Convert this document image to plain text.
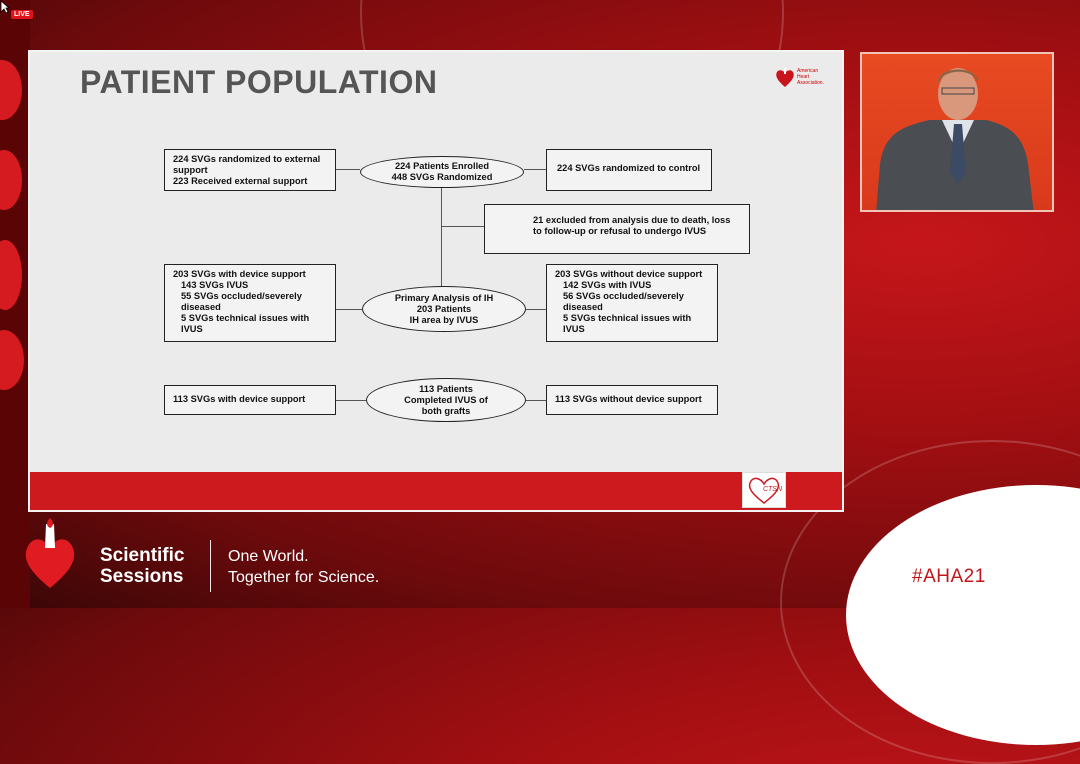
LIVE
PATIENT POPULATION	American Heart Association.
224 SVGs randomized to external support
223 Received external support
224 Patients Enrolled
448 SVGs Randomized
224 SVGs randomized to control
21 excluded from analysis due to death, loss to follow-up or refusal to undergo IVUS
203 SVGs with device support
143 SVGs IVUS
55 SVGs occluded/severely diseased
5 SVGs technical issues with IVUS
Primary Analysis of IH
203 Patients
IH area by IVUS
203 SVGs without device support
142 SVGs with IVUS
56 SVGs occluded/severely diseased
5 SVGs technical issues with IVUS
113 SVGs with device support
113 Patients
Completed IVUS of both grafts
113 SVGs without device support
CTSN
Scientific
Sessions
One World.
Together for Science.	#AHA21
